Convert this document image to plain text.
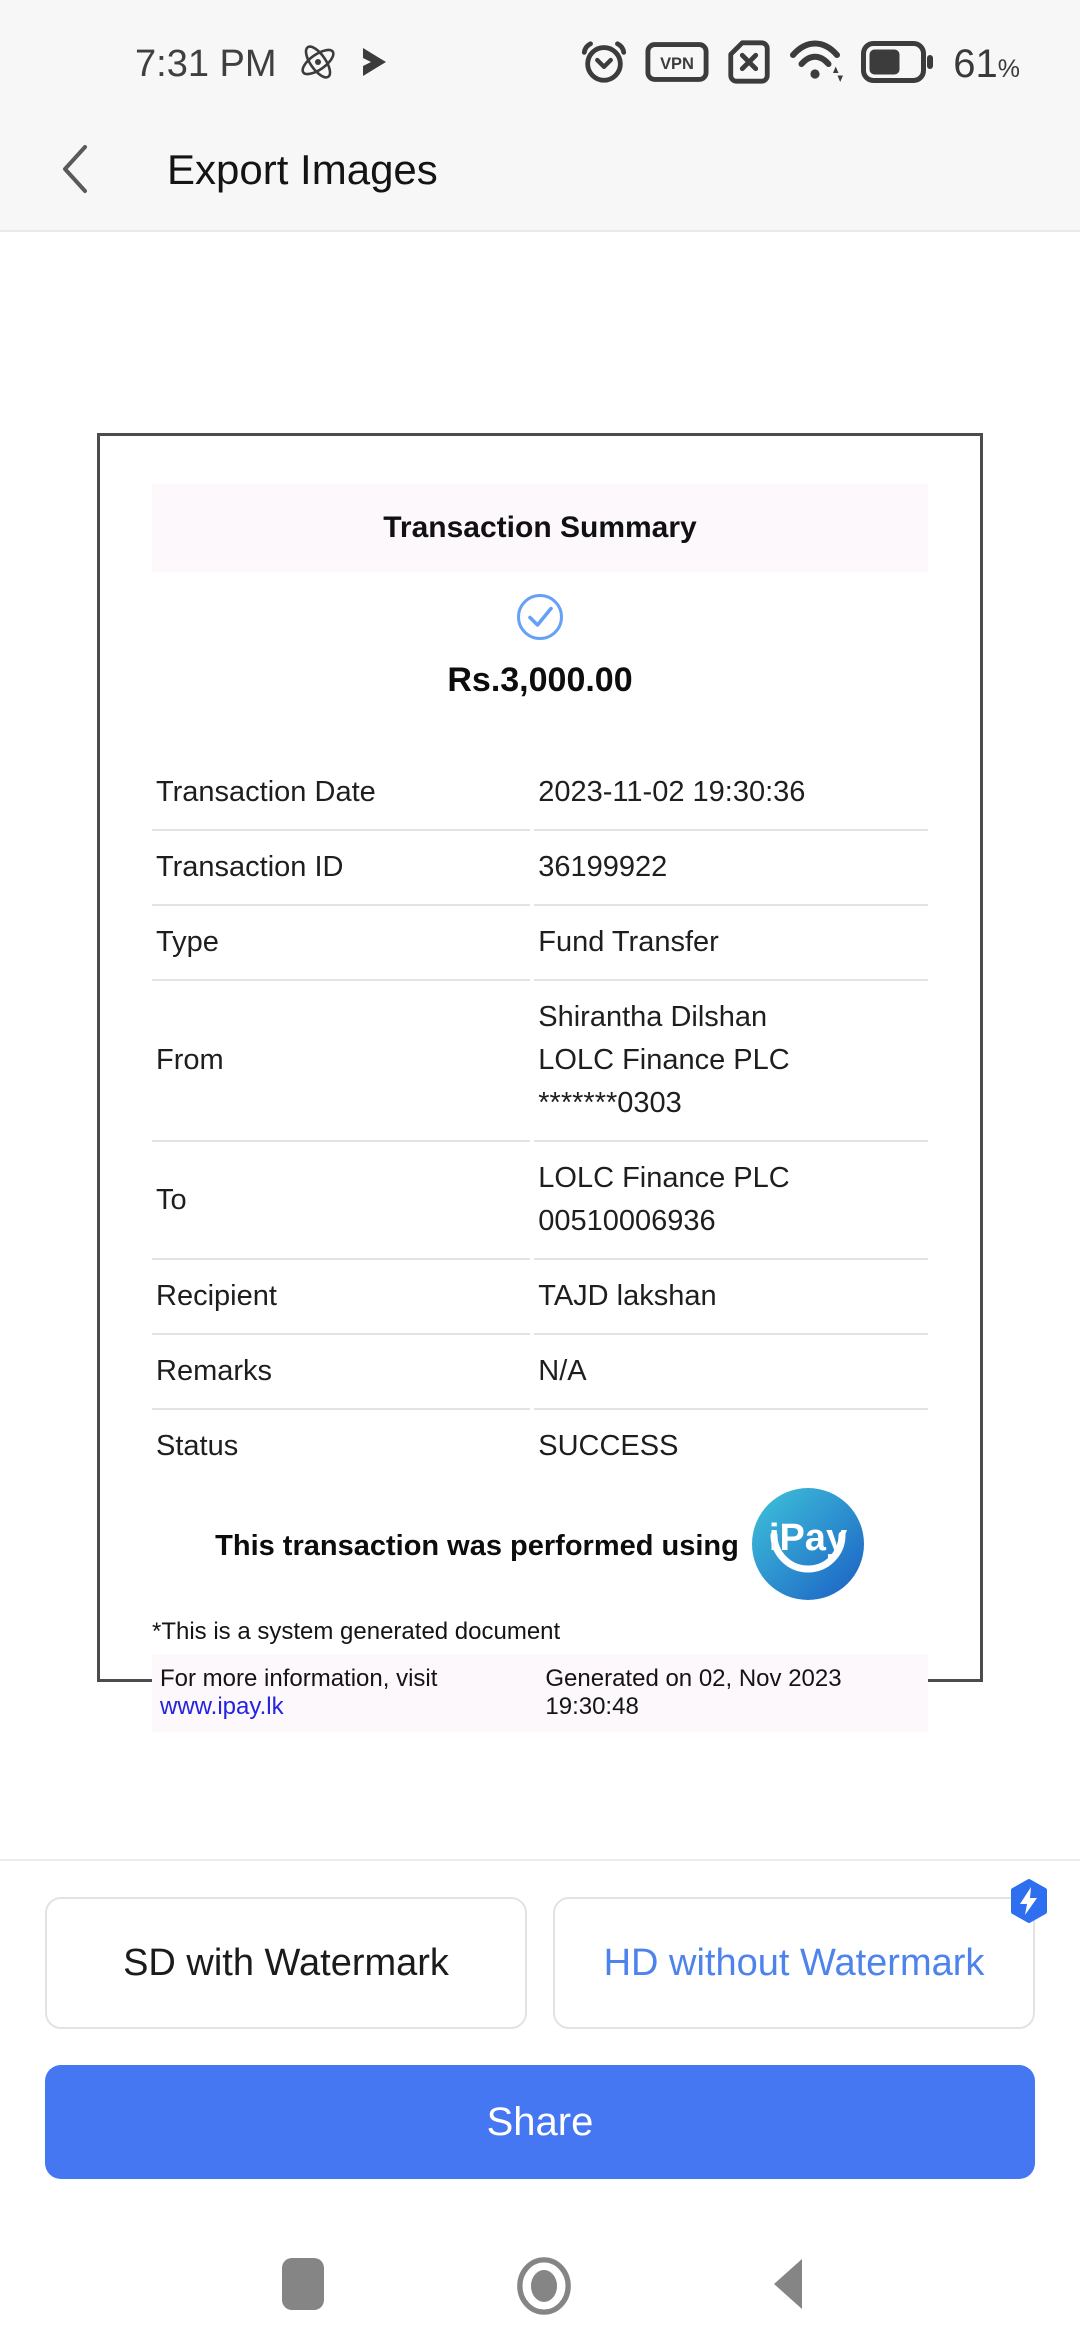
7:31 PM	VPN	61%
Export Images
Transaction Summary
Rs.3,000.00
Transaction Date	2023-11-02 19:30:36

Transaction ID	36199922

Type	Fund Transfer

From	Shirantha Dilshan
LOLC Finance PLC *******0303

To	LOLC Finance PLC
00510006936

Recipient	TAJD lakshan

Remarks	N/A

Status	SUCCESS
This transaction was performed using iPay
*This is a system generated document
For more information, visit www.ipay.lk
Generated on 02, Nov 2023 19:30:48
SD with Watermark	HD without Watermark
Share
